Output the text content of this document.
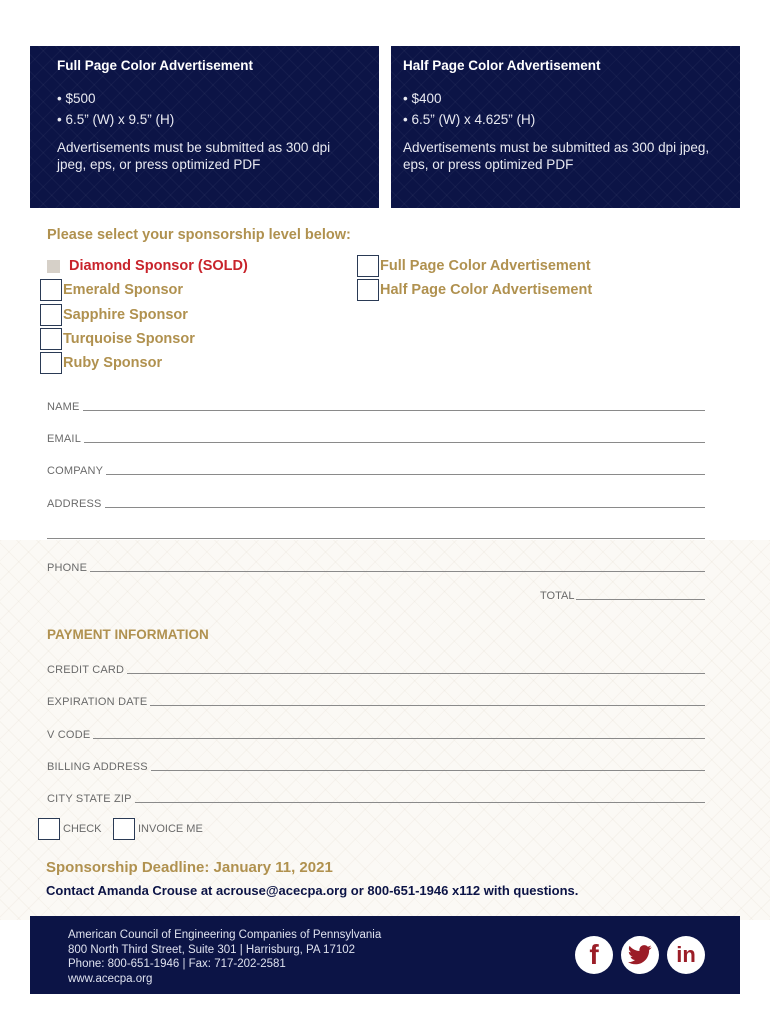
Full Page Color Advertisement
• $500
• 6.5” (W) x 9.5” (H)
Advertisements must be submitted as 300 dpi jpeg, eps, or press optimized PDF
Half Page Color Advertisement
• $400
• 6.5” (W) x 4.625” (H)
Advertisements must be submitted as 300 dpi jpeg, eps, or press optimized PDF
Please select your sponsorship level below:
Diamond Sponsor (SOLD)
Emerald Sponsor
Sapphire Sponsor
Turquoise Sponsor
Ruby Sponsor
Full Page Color Advertisement
Half Page Color Advertisement
NAME
EMAIL
COMPANY
ADDRESS
PHONE
TOTAL
PAYMENT INFORMATION
CREDIT CARD
EXPIRATION DATE
V CODE
BILLING ADDRESS
CITY STATE ZIP
CHECK	INVOICE ME
Sponsorship Deadline: January 11, 2021
Contact Amanda Crouse at acrouse@acecpa.org or 800-651-1946 x112 with questions.
American Council of Engineering Companies of Pennsylvania
800 North Third Street, Suite 301 | Harrisburg, PA 17102
Phone: 800-651-1946 | Fax: 717-202-2581
www.acecpa.org
f	in
